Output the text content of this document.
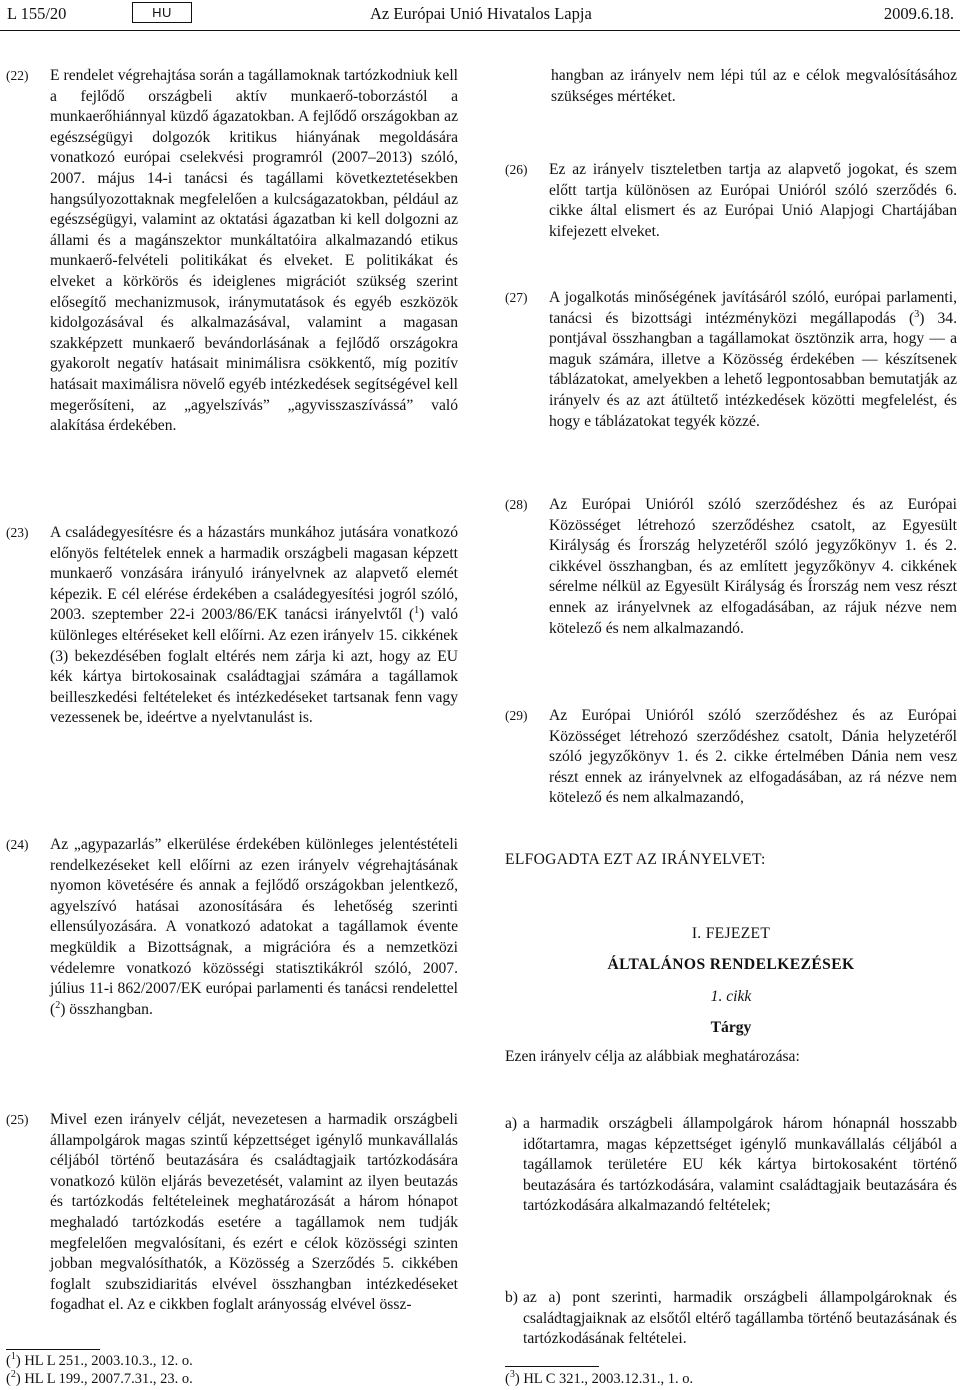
L 155/20	HU	Az Európai Unió Hivatalos Lapja	2009.6.18.
(22) E rendelet végrehajtása során a tagállamoknak tartózkodniuk kell a fejlődő országbeli aktív munkaerő-toborzástól a munkaerőhiánnyal küzdő ágazatokban. A fejlődő országokban az egészségügyi dolgozók kritikus hiányának megoldására vonatkozó európai cselekvési programról (2007–2013) szóló, 2007. május 14-i tanácsi és tagállami következtetésekben hangsúlyozottaknak megfelelően a kulcságazatokban, például az egészségügyi, valamint az oktatási ágazatban ki kell dolgozni az állami és a magánszektor munkáltatóira alkalmazandó etikus munkaerő-felvételi politikákat és elveket. E politikákat és elveket a körkörös és ideiglenes migrációt szükség szerint elősegítő mechanizmusok, iránymutatások és egyéb eszközök kidolgozásával és alkalmazásával, valamint a magasan szakképzett munkaerő bevándorlásának a fejlődő országokra gyakorolt negatív hatásait minimálisra csökkentő, míg pozitív hatásait maximálisra növelő egyéb intézkedések segítségével kell megerősíteni, az „agyelszívás” „agyvisszaszívássá” való alakítása érdekében.
(23) A családegyesítésre és a házastárs munkához jutására vonatkozó előnyös feltételek ennek a harmadik országbeli magasan képzett munkaerő vonzására irányuló irányelvnek az alapvető elemét képezik. E cél elérése érdekében a családegyesítési jogról szóló, 2003. szeptember 22-i 2003/86/EK tanácsi irányelvtől ($^1$) való különleges eltéréseket kell előírni. Az ezen irányelv 15. cikkének (3) bekezdésében foglalt eltérés nem zárja ki azt, hogy az EU kék kártya birtokosainak családtagjai számára a tagállamok beilleszkedési feltételeket és intézkedéseket tartsanak fenn vagy vezessenek be, ideértve a nyelvtanulást is.
(24) Az „agypazarlás” elkerülése érdekében különleges jelentéstételi rendelkezéseket kell előírni az ezen irányelv végrehajtásának nyomon követésére és annak a fejlődő országokban jelentkező, agyelszívó hatásai azonosítására és lehetőség szerinti ellensúlyozására. A vonatkozó adatokat a tagállamok évente megküldik a Bizottságnak, a migrációra és a nemzetközi védelemre vonatkozó közösségi statisztikákról szóló, 2007. július 11-i 862/2007/EK európai parlamenti és tanácsi rendelettel ($^2$) összhangban.
(25) Mivel ezen irányelv célját, nevezetesen a harmadik országbeli állampolgárok magas szintű képzettséget igénylő munkavállalás céljából történő beutazására és családtagjaik tartózkodására vonatkozó külön eljárás bevezetését, valamint az ilyen beutazás és tartózkodás feltételeinek meghatározását a három hónapot meghaladó tartózkodás esetére a tagállamok nem tudják megfelelően megvalósítani, és ezért e célok közösségi szinten jobban megvalósíthatók, a Közösség a Szerződés 5. cikkében foglalt szubszidiaritás elvével összhangban intézkedéseket fogadhat el. Az e cikkben foglalt arányosság elvével össz-
($^1$) HL L 251., 2003.10.3., 12. o.
($^2$) HL L 199., 2007.7.31., 23. o.
hangban az irányelv nem lépi túl az e célok megvalósításához szükséges mértéket.
(26) Ez az irányelv tiszteletben tartja az alapvető jogokat, és szem előtt tartja különösen az Európai Unióról szóló szerződés 6. cikke által elismert és az Európai Unió Alapjogi Chartájában kifejezett elveket.
(27) A jogalkotás minőségének javításáról szóló, európai parlamenti, tanácsi és bizottsági intézményközi megállapodás ($^3$) 34. pontjával összhangban a tagállamokat ösztönzik arra, hogy — a maguk számára, illetve a Közösség érdekében — készítsenek táblázatokat, amelyekben a lehető legpontosabban bemutatják az irányelv és az azt átültető intézkedések közötti megfelelést, és hogy e táblázatokat tegyék közzé.
(28) Az Európai Unióról szóló szerződéshez és az Európai Közösséget létrehozó szerződéshez csatolt, az Egyesült Királyság és Írország helyzetéről szóló jegyzőkönyv 1. és 2. cikkével összhangban, és az említett jegyzőkönyv 4. cikkének sérelme nélkül az Egyesült Királyság és Írország nem vesz részt ennek az irányelvnek az elfogadásában, az rájuk nézve nem kötelező és nem alkalmazandó.
(29) Az Európai Unióról szóló szerződéshez és az Európai Közösséget létrehozó szerződéshez csatolt, Dánia helyzetéről szóló jegyzőkönyv 1. és 2. cikke értelmében Dánia nem vesz részt ennek az irányelvnek az elfogadásában, az rá nézve nem kötelező és nem alkalmazandó,
ELFOGADTA EZT AZ IRÁNYELVET:
I. FEJEZET
ÁLTALÁNOS RENDELKEZÉSEK
1. cikk
Tárgy
Ezen irányelv célja az alábbiak meghatározása:
a) a harmadik országbeli állampolgárok három hónapnál hosszabb időtartamra, magas képzettséget igénylő munkavállalás céljából a tagállamok területére EU kék kártya birtokosaként történő beutazására és tartózkodására, valamint családtagjaik beutazására és tartózkodására alkalmazandó feltételek;
b) az a) pont szerinti, harmadik országbeli állampolgároknak és családtagjaiknak az elsőtől eltérő tagállamba történő beutazásának és tartózkodásának feltételei.
($^3$) HL C 321., 2003.12.31., 1. o.
